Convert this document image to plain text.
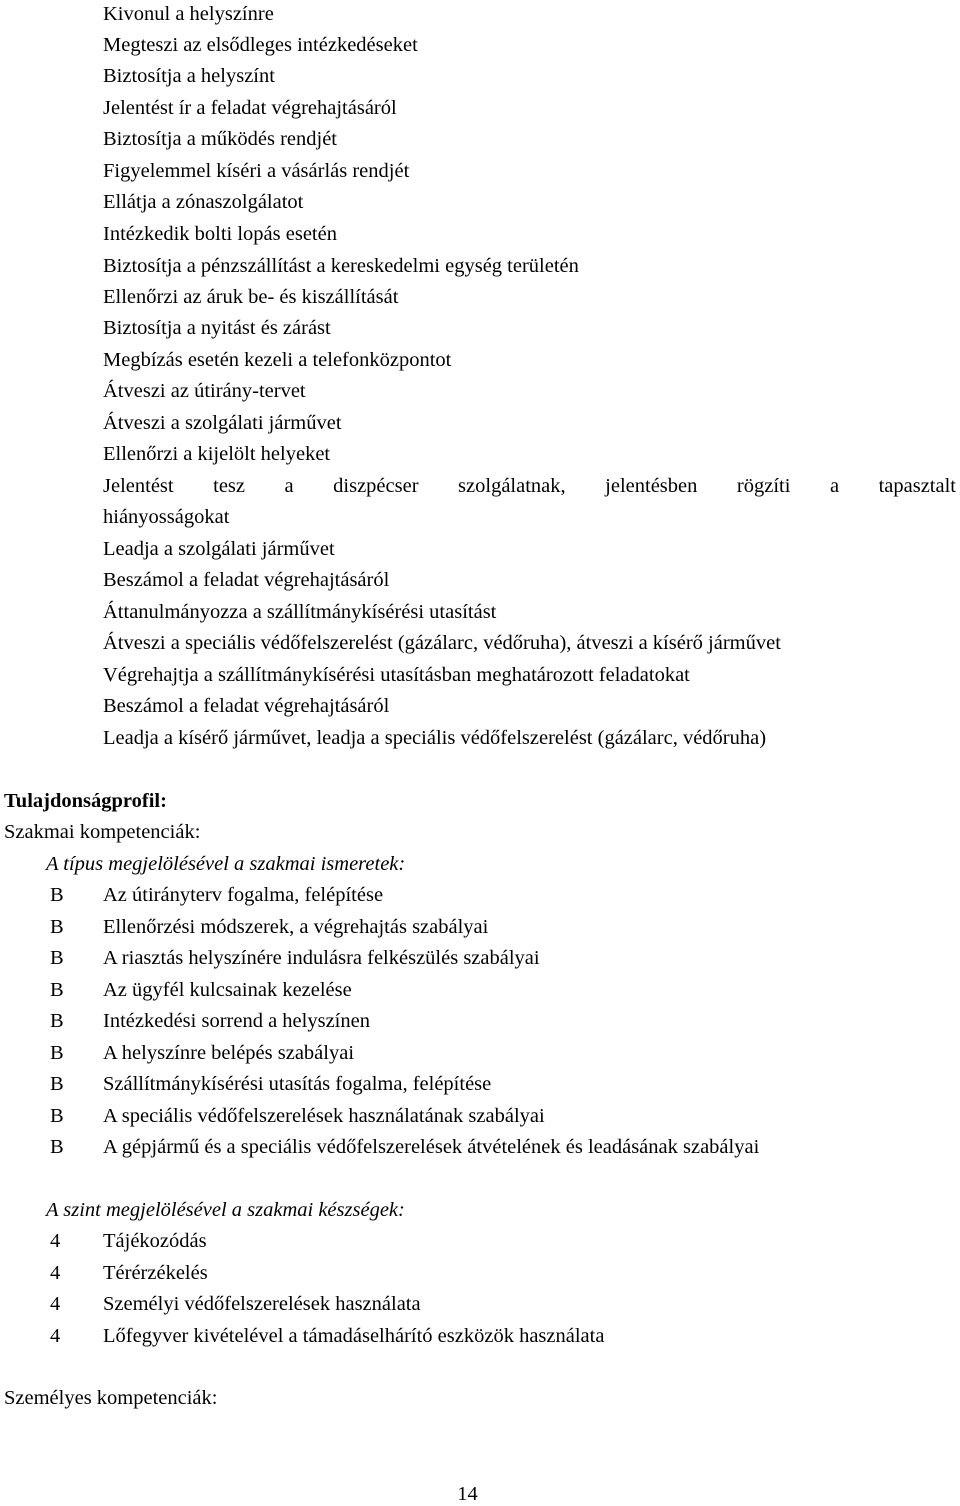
Kivonul a helyszínre
Megteszi az elsődleges intézkedéseket
Biztosítja a helyszínt
Jelentést ír a feladat végrehajtásáról
Biztosítja a működés rendjét
Figyelemmel kíséri a vásárlás rendjét
Ellátja a zónaszolgálatot
Intézkedik bolti lopás esetén
Biztosítja a pénzszállítást a kereskedelmi egység területén
Ellenőrzi az áruk be- és kiszállítását
Biztosítja a nyitást és zárást
Megbízás esetén kezeli a telefonközpontot
Átveszi az útirány-tervet
Átveszi a szolgálati járművet
Ellenőrzi a kijelölt helyeket
Jelentést tesz a diszpécser szolgálatnak, jelentésben rögzíti a tapasztalt
hiányosságokat
Leadja a szolgálati járművet
Beszámol a feladat végrehajtásáról
Áttanulmányozza a szállítmánykísérési utasítást
Átveszi a speciális védőfelszerelést (gázálarc, védőruha), átveszi a kísérő járművet
Végrehajtja a szállítmánykísérési utasításban meghatározott feladatokat
Beszámol a feladat végrehajtásáról
Leadja a kísérő járművet, leadja a speciális védőfelszerelést (gázálarc, védőruha)
Tulajdonságprofil:
Szakmai kompetenciák:
A típus megjelölésével a szakmai ismeretek:
B Az útirányterv fogalma, felépítése
B Ellenőrzési módszerek, a végrehajtás szabályai
B A riasztás helyszínére indulásra felkészülés szabályai
B Az ügyfél kulcsainak kezelése
B Intézkedési sorrend a helyszínen
B A helyszínre belépés szabályai
B Szállítmánykísérési utasítás fogalma, felépítése
B A speciális védőfelszerelések használatának szabályai
B A gépjármű és a speciális védőfelszerelések átvételének és leadásának szabályai
A szint megjelölésével a szakmai készségek:
4 Tájékozódás
4 Térérzékelés
4 Személyi védőfelszerelések használata
4 Lőfegyver kivételével a támadáselhárító eszközök használata
Személyes kompetenciák:
14
